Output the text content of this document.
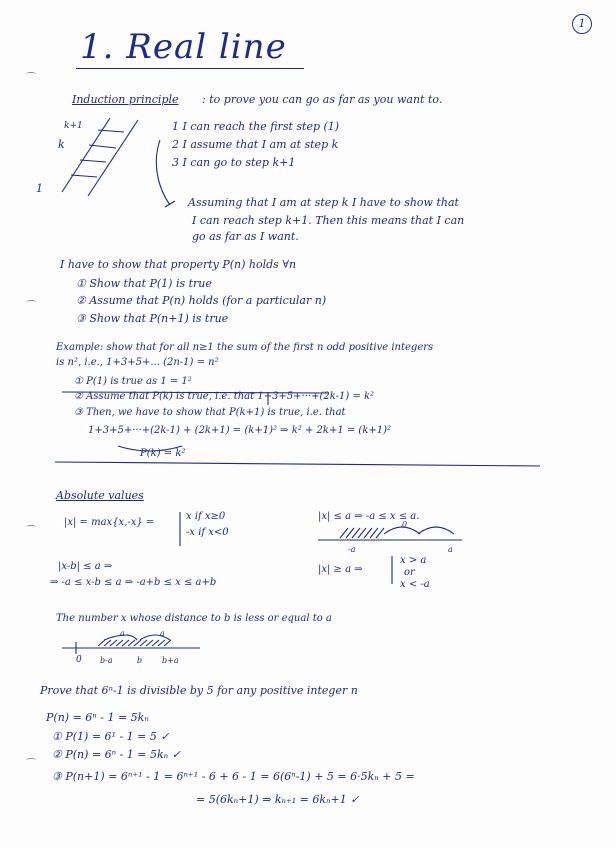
1
1. Real line
Induction principle : to prove you can go as far as you want to.
k+1
k
1
1 I can reach the first step (1)
2 I assume that I am at step k
3 I can go to step k+1
Assuming that I am at step k I have to show that
I can reach step k+1. Then this means that I can
go as far as I want.
I have to show that property P(n) holds ∀n
① Show that P(1) is true
② Assume that P(n) holds (for a particular n)
③ Show that P(n+1) is true
Example: show that for all n≥1 the sum of the first n odd positive integers
is n², i.e., 1+3+5+... (2n-1) = n²
① P(1) is true as 1 = 1²
② Assume that P(k) is true, i.e. that 1+3+5+···+(2k-1) = k²
③ Then, we have to show that P(k+1) is true, i.e. that
1+3+5+···+(2k-1) + (2k+1) = (k+1)² ⇒ k² + 2k+1 = (k+1)²
P(k) = k²
Absolute values
|x| = max{x,-x} =
x if x≥0
-x if x<0
|x| ≤ a ⇒ -a ≤ x ≤ a.
-a
0
a
|x-b| ≤ a ⇒
⇒ -a ≤ x-b ≤ a ⇒ -a+b ≤ x ≤ a+b
|x| ≥ a ⇒
x > a
or
x < -a
The number x whose distance to b is less or equal to a
a	a
0 b-a	b b+a
Prove that 6ⁿ-1 is divisible by 5 for any positive integer n
P(n) = 6ⁿ - 1 = 5kₙ
① P(1) = 6¹ - 1 = 5 ✓
② P(n) = 6ⁿ - 1 = 5kₙ ✓
③ P(n+1) = 6ⁿ⁺¹ - 1 = 6ⁿ⁺¹ - 6 + 6 - 1 = 6(6ⁿ-1) + 5 = 6·5kₙ + 5 =
= 5(6kₙ+1) ⇒ kₙ₊₁ = 6kₙ+1 ✓
